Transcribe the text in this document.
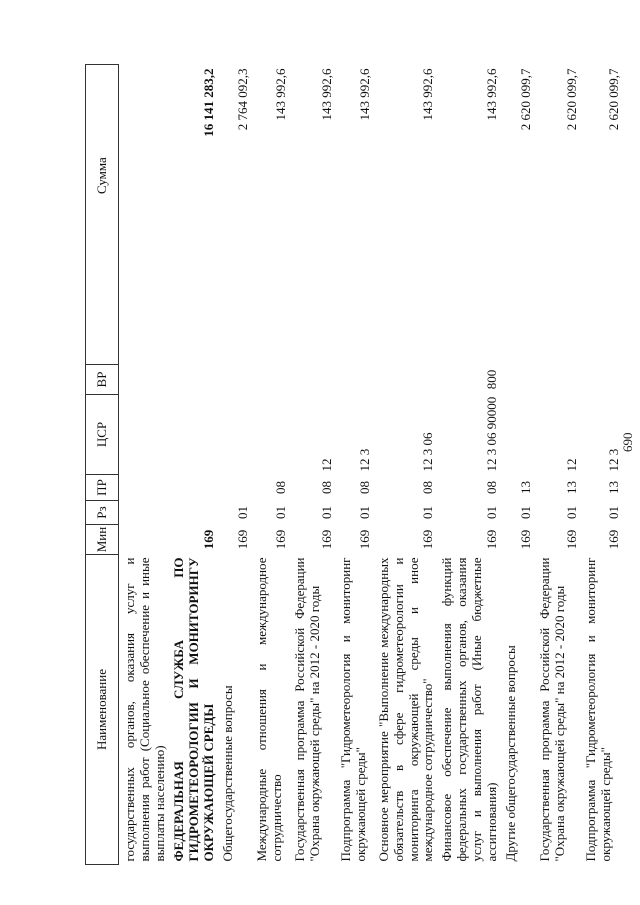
690
Наименование	Мин	Рз	ПР	ЦСР	ВР	Сумма
государственных органов, оказания услуг и выполнения работ (Социальное обеспечение и иные выплаты населению)						
ФЕДЕРАЛЬНАЯ СЛУЖБА ПО ГИДРОМЕТЕОРОЛОГИИ И МОНИТОРИНГУ ОКРУЖАЮЩЕЙ СРЕДЫ	169					16 141 283,2
Общегосударственные вопросы	169	01				2 764 092,3
Международные отношения и международное сотрудничество	169	01	08			143 992,6
Государственная программа Российской Федерации "Охрана окружающей среды" на 2012 - 2020 годы	169	01	08	12		143 992,6
Подпрограмма "Гидрометеорология и мониторинг окружающей среды"	169	01	08	12 3		143 992,6
Основное мероприятие "Выполнение международных обязательств в сфере гидрометеорологии и мониторинга окружающей среды и иное международное сотрудничество"	169	01	08	12 3 06		143 992,6
Финансовое обеспечение выполнения функций федеральных государственных органов, оказания услуг и выполнения работ (Иные бюджетные ассигнования)	169	01	08	12 3 06 90000	800	143 992,6
Другие общегосударственные вопросы	169	01	13			2 620 099,7
Государственная программа Российской Федерации "Охрана окружающей среды" на 2012 - 2020 годы	169	01	13	12		2 620 099,7
Подпрограмма "Гидрометеорология и мониторинг окружающей среды"	169	01	13	12 3		2 620 099,7
